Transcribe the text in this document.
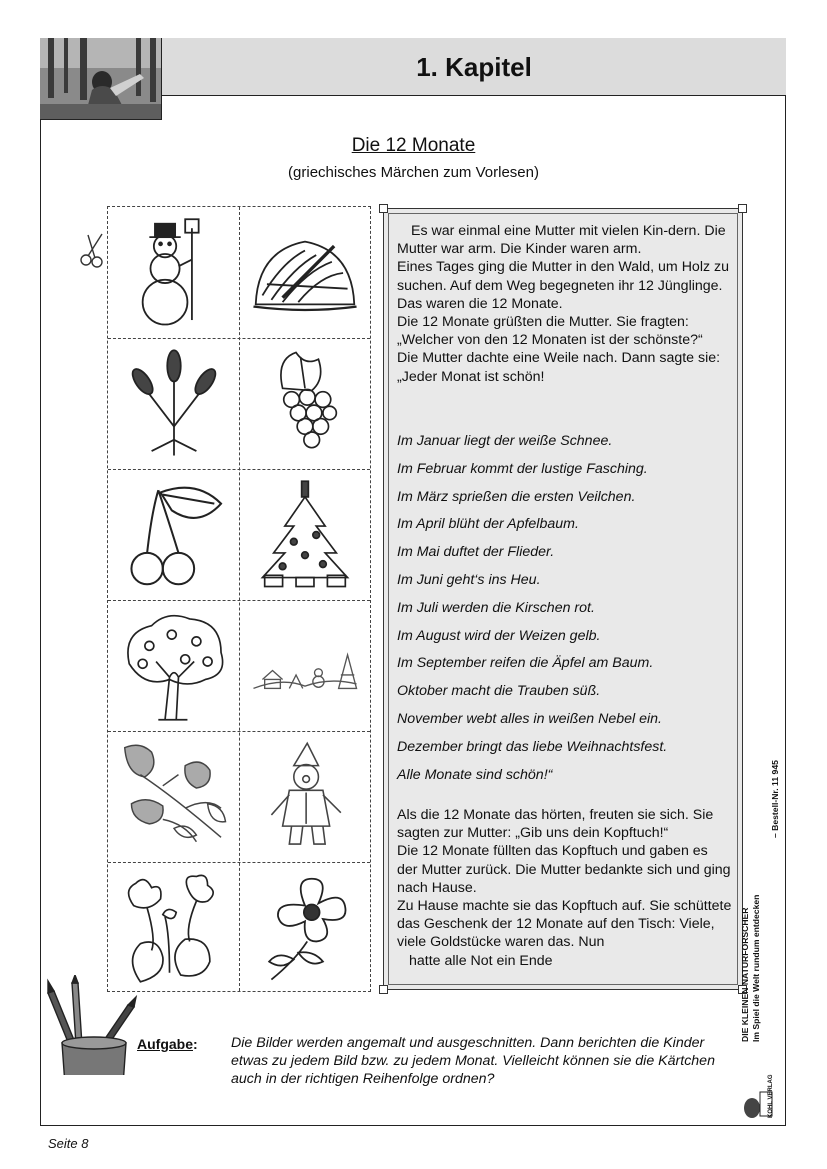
1. Kapitel
Die 12 Monate
(griechisches Märchen zum Vorlesen)

Es war einmal eine Mutter mit vielen Kin-dern. Die Mutter war arm. Die Kinder waren arm.

Eines Tages ging die Mutter in den Wald, um Holz zu suchen. Auf dem Weg begegneten ihr 12 Jünglinge. Das waren die 12 Monate.

Die 12 Monate grüßten die Mutter. Sie fragten: „Welcher von den 12 Monaten ist der schönste?“

Die Mutter dachte eine Weile nach. Dann sagte sie: „Jeder Monat ist schön!

Im Januar liegt der weiße Schnee.
Im Februar kommt der lustige Fasching.
Im März sprießen die ersten Veilchen.
Im April blüht der Apfelbaum.
Im Mai duftet der Flieder.
Im Juni geht‘s ins Heu.
Im Juli werden die Kirschen rot.
Im August wird der Weizen gelb.
Im September reifen die Äpfel am Baum.
Oktober macht die Trauben süß.
November webt alles in weißen Nebel ein.
Dezember bringt das liebe Weihnachtsfest.
Alle Monate sind schön!“

Als die 12 Monate das hörten, freuten sie sich. Sie sagten zur Mutter: „Gib uns dein Kopftuch!“

Die 12 Monate füllten das Kopftuch und gaben es der Mutter zurück. Die Mutter bedankte sich und ging nach Hause.

Zu Hause machte sie das Kopftuch auf. Sie schüttete das Geschenk der 12 Monate auf den Tisch: Viele, viele Goldstücke waren das. Nun

hatte alle Not ein Ende

Aufgabe: Die Bilder werden angemalt und ausgeschnitten. Dann berichten die Kinder etwas zu jedem Bild bzw. zu jedem Monat. Vielleicht können sie die Kärtchen auch in der richtigen Reihenfolge ordnen?
DIE KLEINEN NATURFORSCHER Im Spiel die Welt rundum entdecken
– Bestell-Nr. 11 945
KOHL VERLAG
Seite 8
